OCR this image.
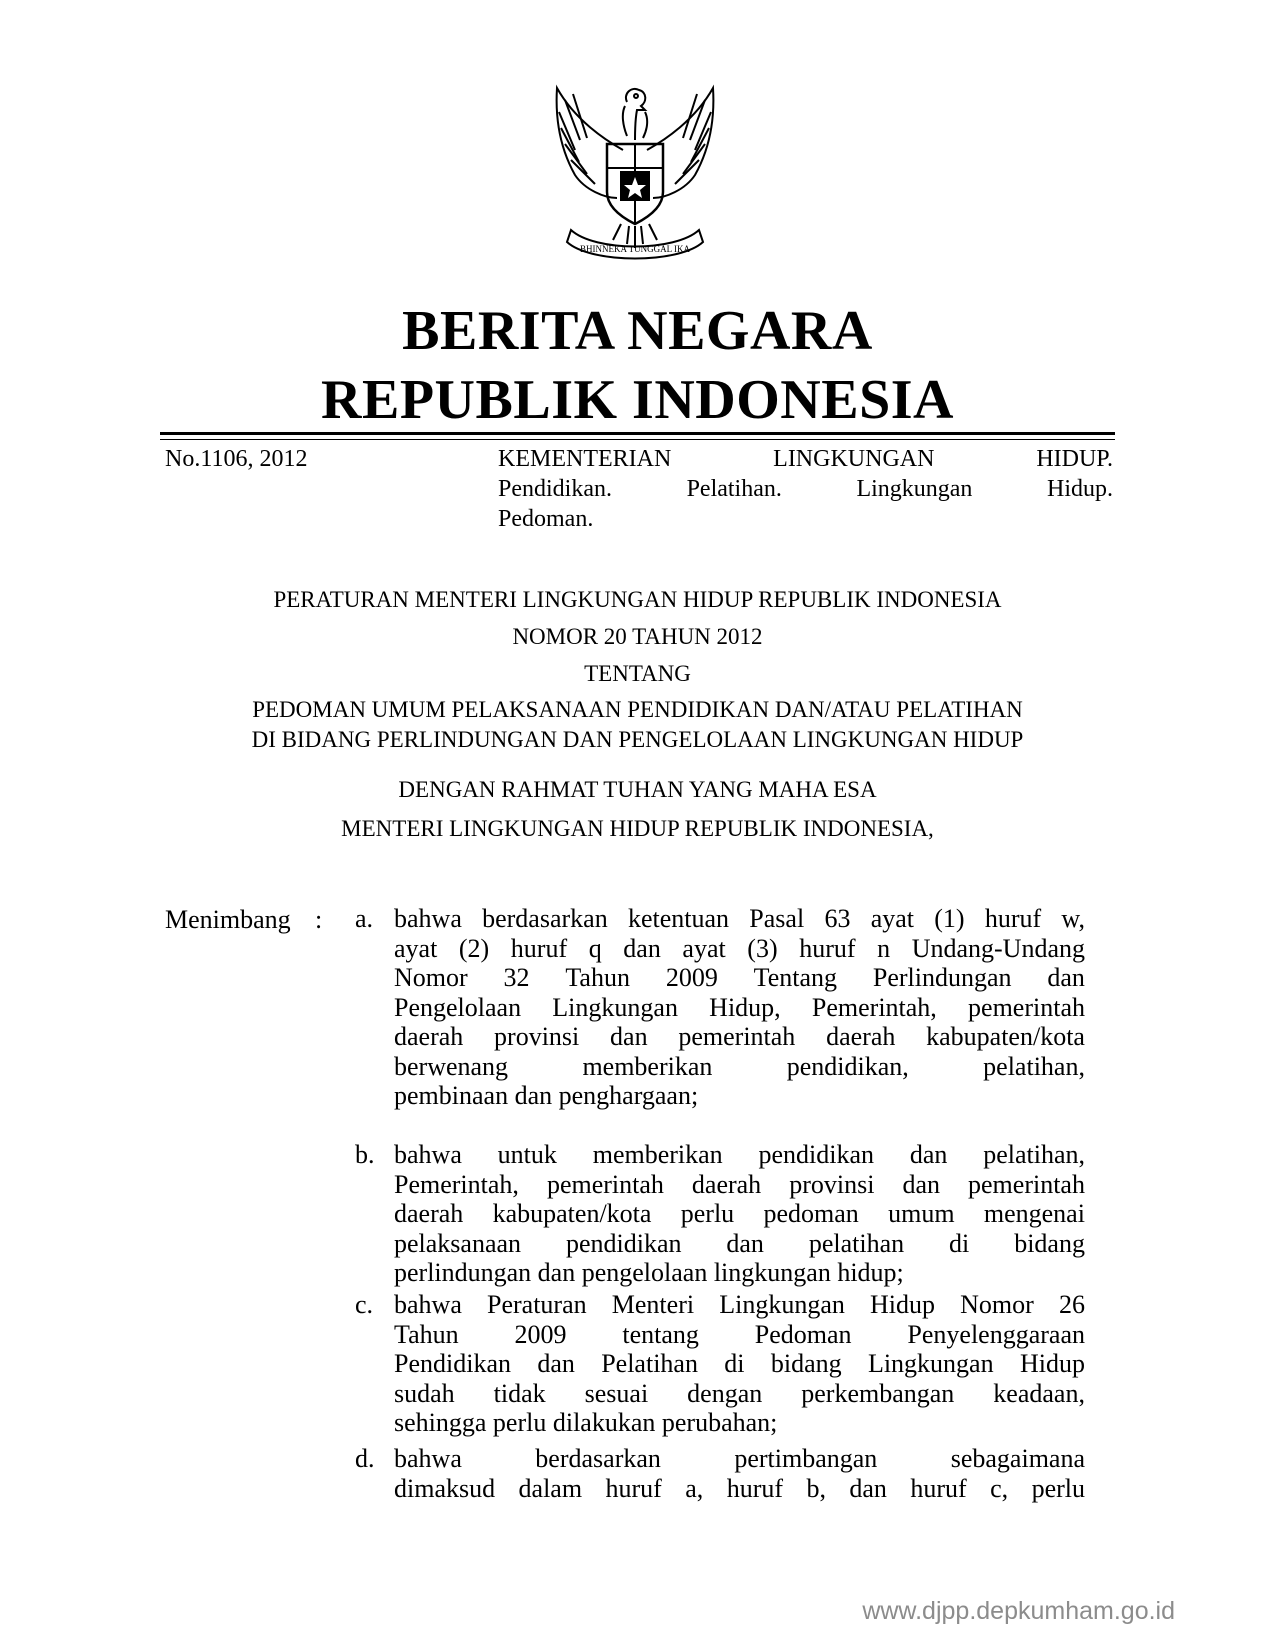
BHINNEKA TUNGGAL IKA
BERITA NEGARA
REPUBLIK INDONESIA
No.1106, 2012	KEMENTERIAN	LINGKUNGAN	HIDUP.
Pendidikan.	Pelatihan.	Lingkungan	Hidup.
Pedoman.
PERATURAN MENTERI LINGKUNGAN HIDUP REPUBLIK INDONESIA
NOMOR 20 TAHUN 2012
TENTANG
PEDOMAN UMUM PELAKSANAAN PENDIDIKAN DAN/ATAU PELATIHAN
DI BIDANG PERLINDUNGAN DAN PENGELOLAAN LINGKUNGAN HIDUP
DENGAN RAHMAT TUHAN YANG MAHA ESA
MENTERI LINGKUNGAN HIDUP REPUBLIK INDONESIA,
Menimbang : a. bahwa berdasarkan ketentuan Pasal 63 ayat (1) huruf w,
ayat (2) huruf q dan ayat (3) huruf n Undang-Undang
Nomor 32 Tahun 2009 Tentang Perlindungan dan
Pengelolaan Lingkungan Hidup, Pemerintah, pemerintah
daerah provinsi dan pemerintah daerah kabupaten/kota
berwenang	memberikan	pendidikan,	pelatihan,
pembinaan dan penghargaan;
b. bahwa untuk memberikan pendidikan dan pelatihan,
Pemerintah, pemerintah daerah provinsi dan pemerintah
daerah kabupaten/kota perlu pedoman umum mengenai
pelaksanaan pendidikan dan pelatihan di bidang
perlindungan dan pengelolaan lingkungan hidup;
c. bahwa Peraturan Menteri Lingkungan Hidup Nomor 26
Tahun 2009 tentang Pedoman Penyelenggaraan
Pendidikan dan Pelatihan di bidang Lingkungan Hidup
sudah tidak sesuai dengan perkembangan keadaan,
sehingga perlu dilakukan perubahan;
d. bahwa	berdasarkan	pertimbangan	sebagaimana
dimaksud dalam huruf a, huruf b, dan huruf c, perlu
www.djpp.depkumham.go.id
